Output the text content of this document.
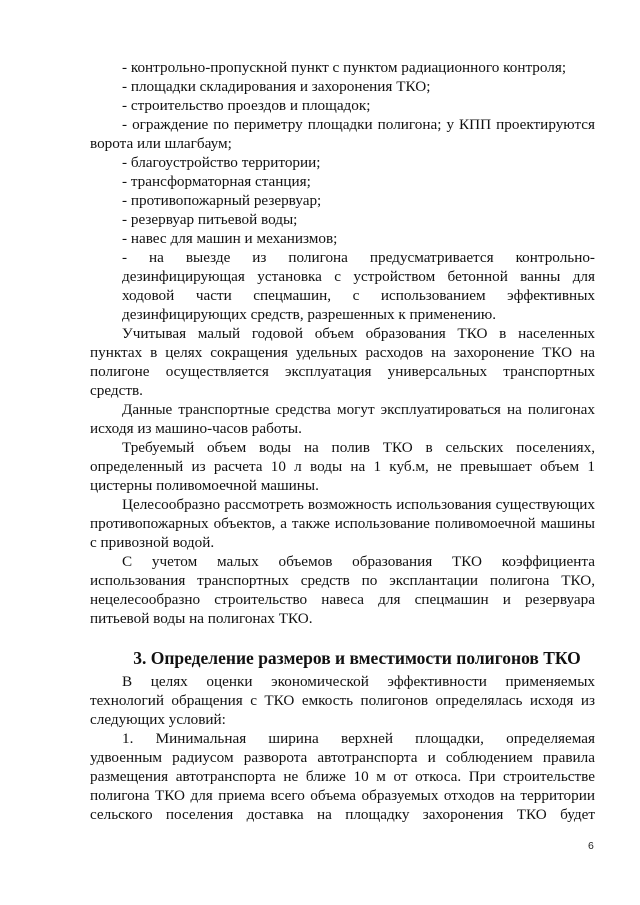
- контрольно-пропускной пункт с пунктом радиационного контроля;
- площадки складирования и захоронения ТКО;
- строительство проездов и площадок;
- ограждение по периметру площадки полигона; у КПП проектируются
ворота или шлагбаум;
- благоустройство территории;
- трансформаторная станция;
- противопожарный резервуар;
- резервуар питьевой воды;
- навес для машин и механизмов;
- на выезде из полигона предусматривается контрольно-
дезинфицирующая установка с устройством бетонной ванны для
ходовой части спецмашин, с использованием эффективных
дезинфицирующих средств, разрешенных к применению.
Учитывая малый годовой объем образования ТКО в населенных
пунктах в целях сокращения удельных расходов на захоронение ТКО на
полигоне осуществляется эксплуатация универсальных транспортных
средств.
Данные транспортные средства могут эксплуатироваться на полигонах
исходя из машино-часов работы.
Требуемый объем воды на полив ТКО в сельских поселениях,
определенный из расчета 10 л воды на 1 куб.м, не превышает объем 1
цистерны поливомоечной машины.
Целесообразно рассмотреть возможность использования существующих
противопожарных объектов, а также использование поливомоечной машины
с привозной водой.
С учетом малых объемов образования ТКО коэффициента
использования транспортных средств по эксплантации полигона ТКО,
нецелесообразно строительство навеса для спецмашин и резервуара
питьевой воды на полигонах ТКО.
3. Определение размеров и вместимости полигонов ТКО
В целях оценки экономической эффективности применяемых
технологий обращения с ТКО емкость полигонов определялась исходя из
следующих условий:
1. Минимальная ширина верхней площадки, определяемая
удвоенным радиусом разворота автотранспорта и соблюдением правила
размещения автотранспорта не ближе 10 м от откоса. При строительстве
полигона ТКО для приема всего объема образуемых отходов на территории
сельского поселения доставка на площадку захоронения ТКО будет
6
